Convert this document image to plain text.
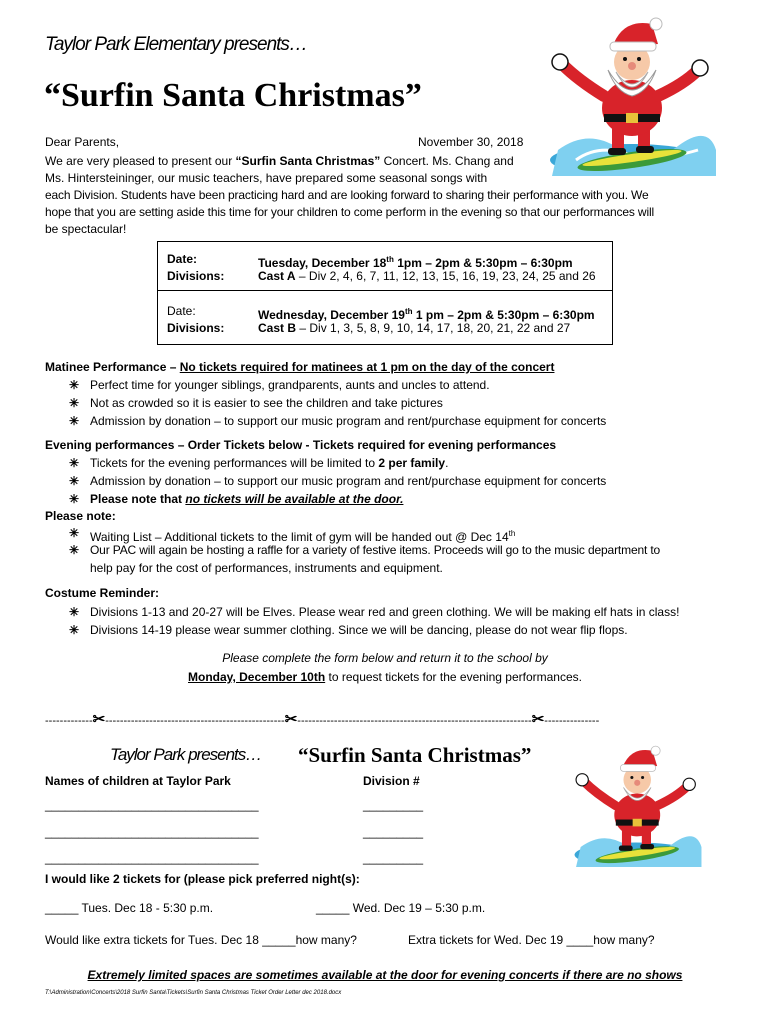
Taylor Park Elementary presents…
“Surfin Santa Christmas”
Dear Parents,	November 30, 2018
We are very pleased to present our “Surfin Santa Christmas” Concert. Ms. Chang and
Ms. Hintersteininger, our music teachers, have prepared some seasonal songs with
each Division. Students have been practicing hard and are looking forward to sharing their performance with you. We
hope that you are setting aside this time for your children to come perform in the evening so that our performances will
be spectacular!
Date:	Tuesday, December 18th 1pm – 2pm & 5:30pm – 6:30pm
Divisions:	Cast A – Div 2, 4, 6, 7, 11, 12, 13, 15, 16, 19, 23, 24, 25 and 26
Date:	Wednesday, December 19th 1 pm – 2pm & 5:30pm – 6:30pm
Divisions:	Cast B – Div 1, 3, 5, 8, 9, 10, 14, 17, 18, 20, 21, 22 and 27
Matinee Performance – No tickets required for matinees at 1 pm on the day of the concert
✳ Perfect time for younger siblings, grandparents, aunts and uncles to attend.
✳ Not as crowded so it is easier to see the children and take pictures
✳ Admission by donation – to support our music program and rent/purchase equipment for concerts
Evening performances – Order Tickets below - Tickets required for evening performances
✳ Tickets for the evening performances will be limited to 2 per family.
✳ Admission by donation – to support our music program and rent/purchase equipment for concerts
✳ Please note that no tickets will be available at the door.
Please note:
✳ Waiting List – Additional tickets to the limit of gym will be handed out @ Dec 14th
✳ Our PAC will again be hosting a raffle for a variety of festive items. Proceeds will go to the music department to
help pay for the cost of performances, instruments and equipment.
Costume Reminder:
✳ Divisions 1-13 and 20-27 will be Elves. Please wear red and green clothing. We will be making elf hats in class!
✳ Divisions 14-19 please wear summer clothing. Since we will be dancing, please do not wear flip flops.
Please complete the form below and return it to the school by
Monday, December 10th to request tickets for the evening performances.
-------------✂-------------------------------------------------✂----------------------------------------------------------------✂---------------
Taylor Park presents… “Surfin Santa Christmas”
Names of children at Taylor Park	Division #
________________________________	_________
________________________________	_________
________________________________	_________
I would like 2 tickets for (please pick preferred night(s):
_____ Tues. Dec 18 - 5:30 p.m.	_____ Wed. Dec 19 – 5:30 p.m.
Would like extra tickets for Tues. Dec 18 _____how many?	Extra tickets for Wed. Dec 19 ____how many?
Extremely limited spaces are sometimes available at the door for evening concerts if there are no shows
T:\Administration\Concerts\2018 Surfin Santa\Tickets\Surfin Santa Christmas Ticket Order Letter dec 2018.docx
